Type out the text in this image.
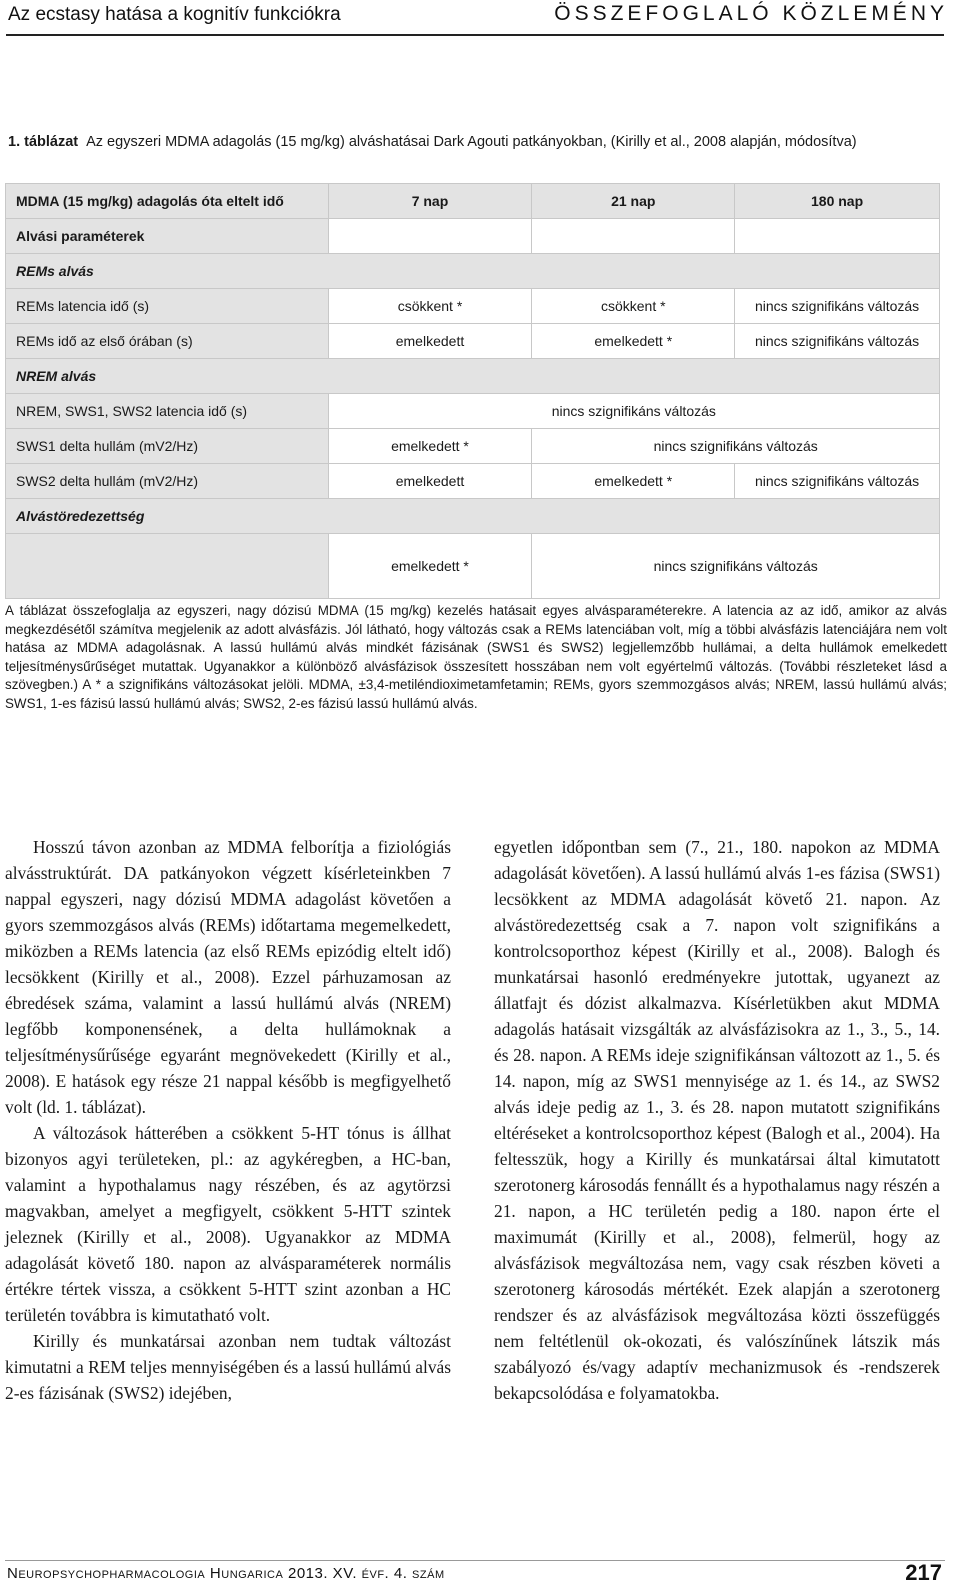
Az ecstasy hatása a kognitív funkciókra	ÖSSZEFOGLALÓ KÖZLEMÉNY
1. táblázat Az egyszeri MDMA adagolás (15 mg/kg) alváshatásai Dark Agouti patkányokban, (Kirilly et al., 2008 alapján, módosítva)
MDMA (15 mg/kg) adagolás óta eltelt idő	7 nap	21 nap	180 nap
Alvási paraméterek			
REMs alvás			
REMs latencia idő (s)	csökkent *	csökkent *	nincs szignifikáns változás
REMs idő az első órában (s)	emelkedett	emelkedett *	nincs szignifikáns változás
NREM alvás			
NREM, SWS1, SWS2 latencia idő (s)	nincs szignifikáns változás		
SWS1 delta hullám (mV2/Hz)	emelkedett *	nincs szignifikáns változás	
SWS2 delta hullám (mV2/Hz)	emelkedett	emelkedett *	nincs szignifikáns változás
Alvástöredezettség			
	emelkedett *	nincs szignifikáns változás	
A táblázat összefoglalja az egyszeri, nagy dózisú MDMA (15 mg/kg) kezelés hatásait egyes alvásparaméterekre. A latencia az az idő, amikor az alvás megkezdésétől számítva megjelenik az adott alvásfázis. Jól látható, hogy változás csak a REMs latenciában volt, míg a többi alvásfázis latenciájára nem volt hatása az MDMA adagolásnak. A lassú hullámú alvás mindkét fázisának (SWS1 és SWS2) legjellemzőbb hullámai, a delta hullámok emelkedett teljesítménysűrűséget mutattak. Ugyanakkor a különböző alvásfázisok összesített hosszában nem volt egyértelmű változás. (További részleteket lásd a szövegben.) A * a szignifikáns változásokat jelöli. MDMA, ±3,4-metiléndioximetamfetamin; REMs, gyors szemmozgásos alvás; NREM, lassú hullámú alvás; SWS1, 1-es fázisú lassú hullámú alvás; SWS2, 2-es fázisú lassú hullámú alvás.

Hosszú távon azonban az MDMA felborítja a fiziológiás alvásstruktúrát. DA patkányokon végzett kísérleteinkben 7 nappal egyszeri, nagy dózisú MDMA adagolást követően a gyors szemmozgásos alvás (REMs) időtartama megemelkedett, miközben a REMs latencia (az első REMs epizódig eltelt idő) lecsökkent (Kirilly et al., 2008). Ezzel párhuzamosan az ébredések száma, valamint a lassú hullámú alvás (NREM) legfőbb komponensének, a delta hullámoknak a teljesítménysűrűsége egyaránt megnövekedett (Kirilly et al., 2008). E hatások egy része 21 nappal később is megfigyelhető volt (ld. 1. táblázat).

A változások hátterében a csökkent 5-HT tónus is állhat bizonyos agyi területeken, pl.: az agykéregben, a HC-ban, valamint a hypothalamus nagy részében, és az agytörzsi magvakban, amelyet a megfigyelt, csökkent 5-HTT szintek jeleznek (Kirilly et al., 2008). Ugyanakkor az MDMA adagolását követő 180. napon az alvásparaméterek normális értékre tértek vissza, a csökkent 5-HTT szint azonban a HC területén továbbra is kimutatható volt.

Kirilly és munkatársai azonban nem tudtak változást kimutatni a REM teljes mennyiségében és a lassú hullámú alvás 2-es fázisának (SWS2) idejében,

egyetlen időpontban sem (7., 21., 180. napokon az MDMA adagolását követően). A lassú hullámú alvás 1-es fázisa (SWS1) lecsökkent az MDMA adagolását követő 21. napon. Az alvástöredezettség csak a 7. napon volt szignifikáns a kontrolcsoporthoz képest (Kirilly et al., 2008). Balogh és munkatársai hasonló eredményekre jutottak, ugyanezt az állatfajt és dózist alkalmazva. Kísérletükben akut MDMA adagolás hatásait vizsgálták az alvásfázisokra az 1., 3., 5., 14. és 28. napon. A REMs ideje szignifikánsan változott az 1., 5. és 14. napon, míg az SWS1 mennyisége az 1. és 14., az SWS2 alvás ideje pedig az 1., 3. és 28. napon mutatott szignifikáns eltéréseket a kontrolcsoporthoz képest (Balogh et al., 2004). Ha feltesszük, hogy a Kirilly és munkatársai által kimutatott szerotonerg károsodás fennállt és a hypothalamus nagy részén a 21. napon, a HC területén pedig a 180. napon érte el maximumát (Kirilly et al., 2008), felmerül, hogy az alvásfázisok megváltozása nem, vagy csak részben követi a szerotonerg károsodás mértékét. Ezek alapján a szerotonerg rendszer és az alvásfázisok megváltozása közti összefüggés nem feltétlenül ok-okozati, és valószínűnek látszik más szabályozó és/vagy adaptív mechanizmusok és -rendszerek bekapcsolódása e folyamatokba.

Neuropsychopharmacologia Hungarica 2013. XV. évf. 4. szám	217
